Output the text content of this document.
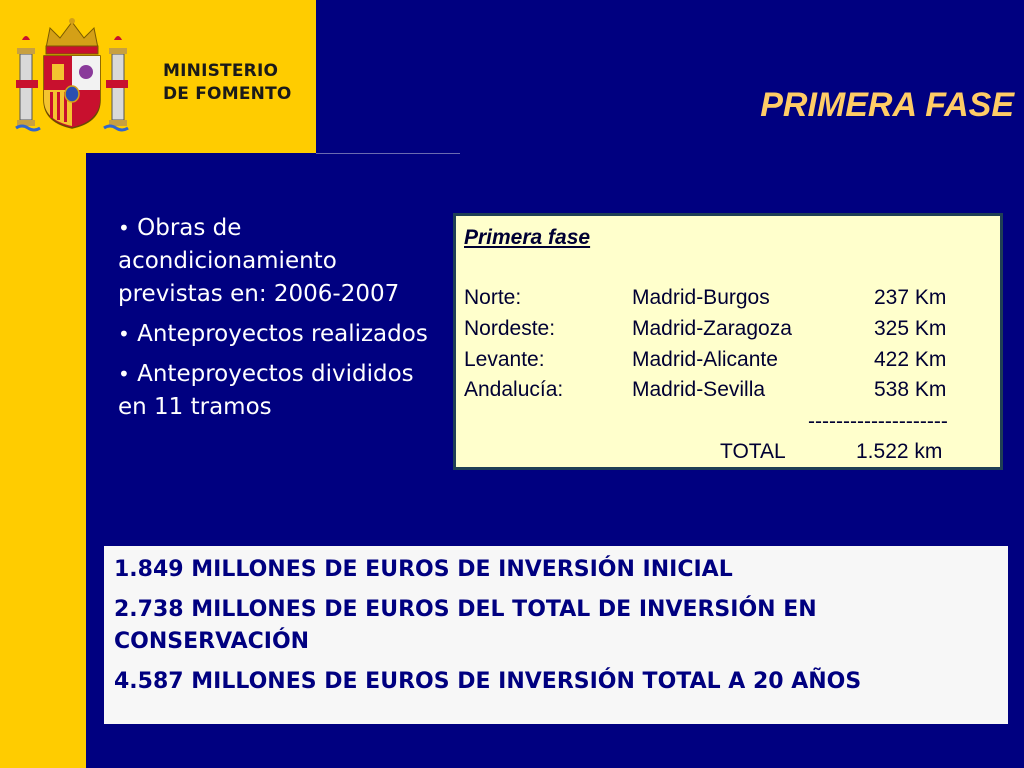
MINISTERIO
DE FOMENTO	PRIMERA FASE
• Obras de acondicionamiento previstas en: 2006-2007
• Anteproyectos realizados
• Anteproyectos divididos en 11 tramos
Primera fase
Norte:	Madrid-Burgos	237 Km
Nordeste:	Madrid-Zaragoza	325 Km
Levante:	Madrid-Alicante	422 Km
Andalucía:	Madrid-Sevilla	538 Km
--------------------
TOTAL	1.522 km
1.849 MILLONES DE EUROS DE INVERSIÓN INICIAL
2.738 MILLONES DE EUROS DEL TOTAL DE INVERSIÓN EN CONSERVACIÓN
4.587 MILLONES DE EUROS DE INVERSIÓN TOTAL A 20 AÑOS
